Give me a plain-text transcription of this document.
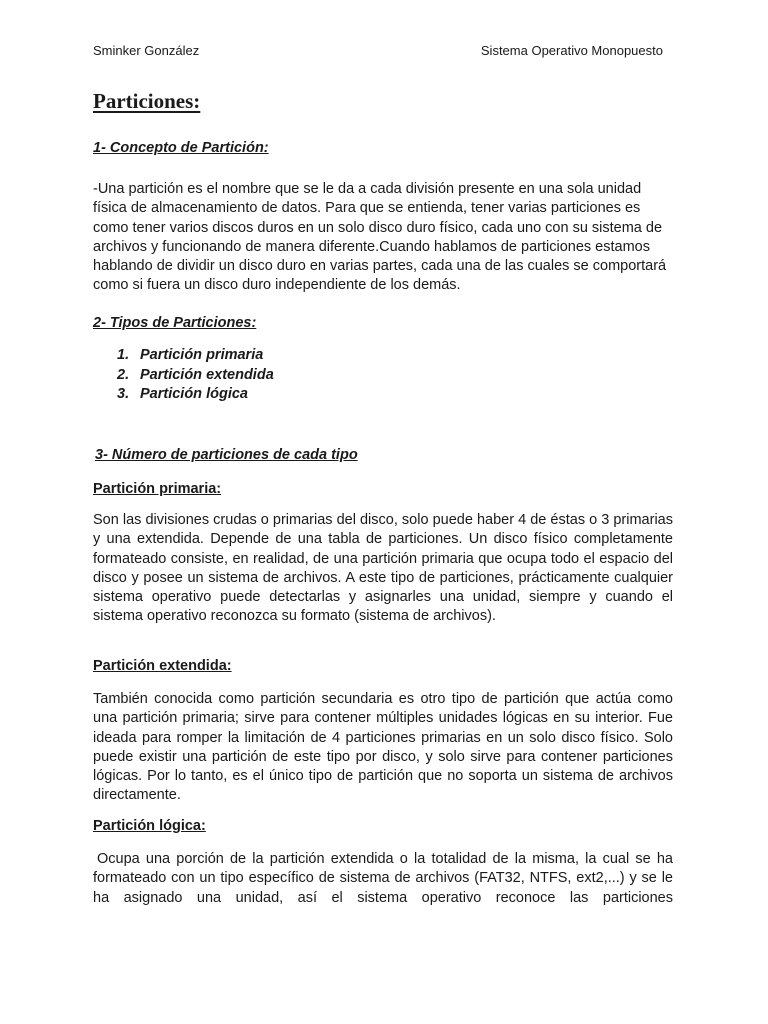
Sminker González	Sistema Operativo Monopuesto
Particiones:
1- Concepto de Partición:

-Una partición es el nombre que se le da a cada división presente en una sola unidad física de almacenamiento de datos. Para que se entienda, tener varias particiones es como tener varios discos duros en un solo disco duro físico, cada uno con su sistema de archivos y funcionando de manera diferente.Cuando hablamos de particiones estamos hablando de dividir un disco duro en varias partes, cada una de las cuales se comportará como si fuera un disco duro independiente de los demás.

2- Tipos de Particiones:
1. Partición primaria
2. Partición extendida
3. Partición lógica
3- Número de particiones de cada tipo
Partición primaria:

Son las divisiones crudas o primarias del disco, solo puede haber 4 de éstas o 3 primarias y una extendida. Depende de una tabla de particiones. Un disco físico completamente formateado consiste, en realidad, de una partición primaria que ocupa todo el espacio del disco y posee un sistema de archivos. A este tipo de particiones, prácticamente cualquier sistema operativo puede detectarlas y asignarles una unidad, siempre y cuando el sistema operativo reconozca su formato (sistema de archivos).

Partición extendida:

También conocida como partición secundaria es otro tipo de partición que actúa como una partición primaria; sirve para contener múltiples unidades lógicas en su interior. Fue ideada para romper la limitación de 4 particiones primarias en un solo disco físico. Solo puede existir una partición de este tipo por disco, y solo sirve para contener particiones lógicas. Por lo tanto, es el único tipo de partición que no soporta un sistema de archivos directamente.

Partición lógica:

Ocupa una porción de la partición extendida o la totalidad de la misma, la cual se ha formateado con un tipo específico de sistema de archivos (FAT32, NTFS, ext2,...) y se le ha asignado una unidad, así el sistema operativo reconoce las particiones
